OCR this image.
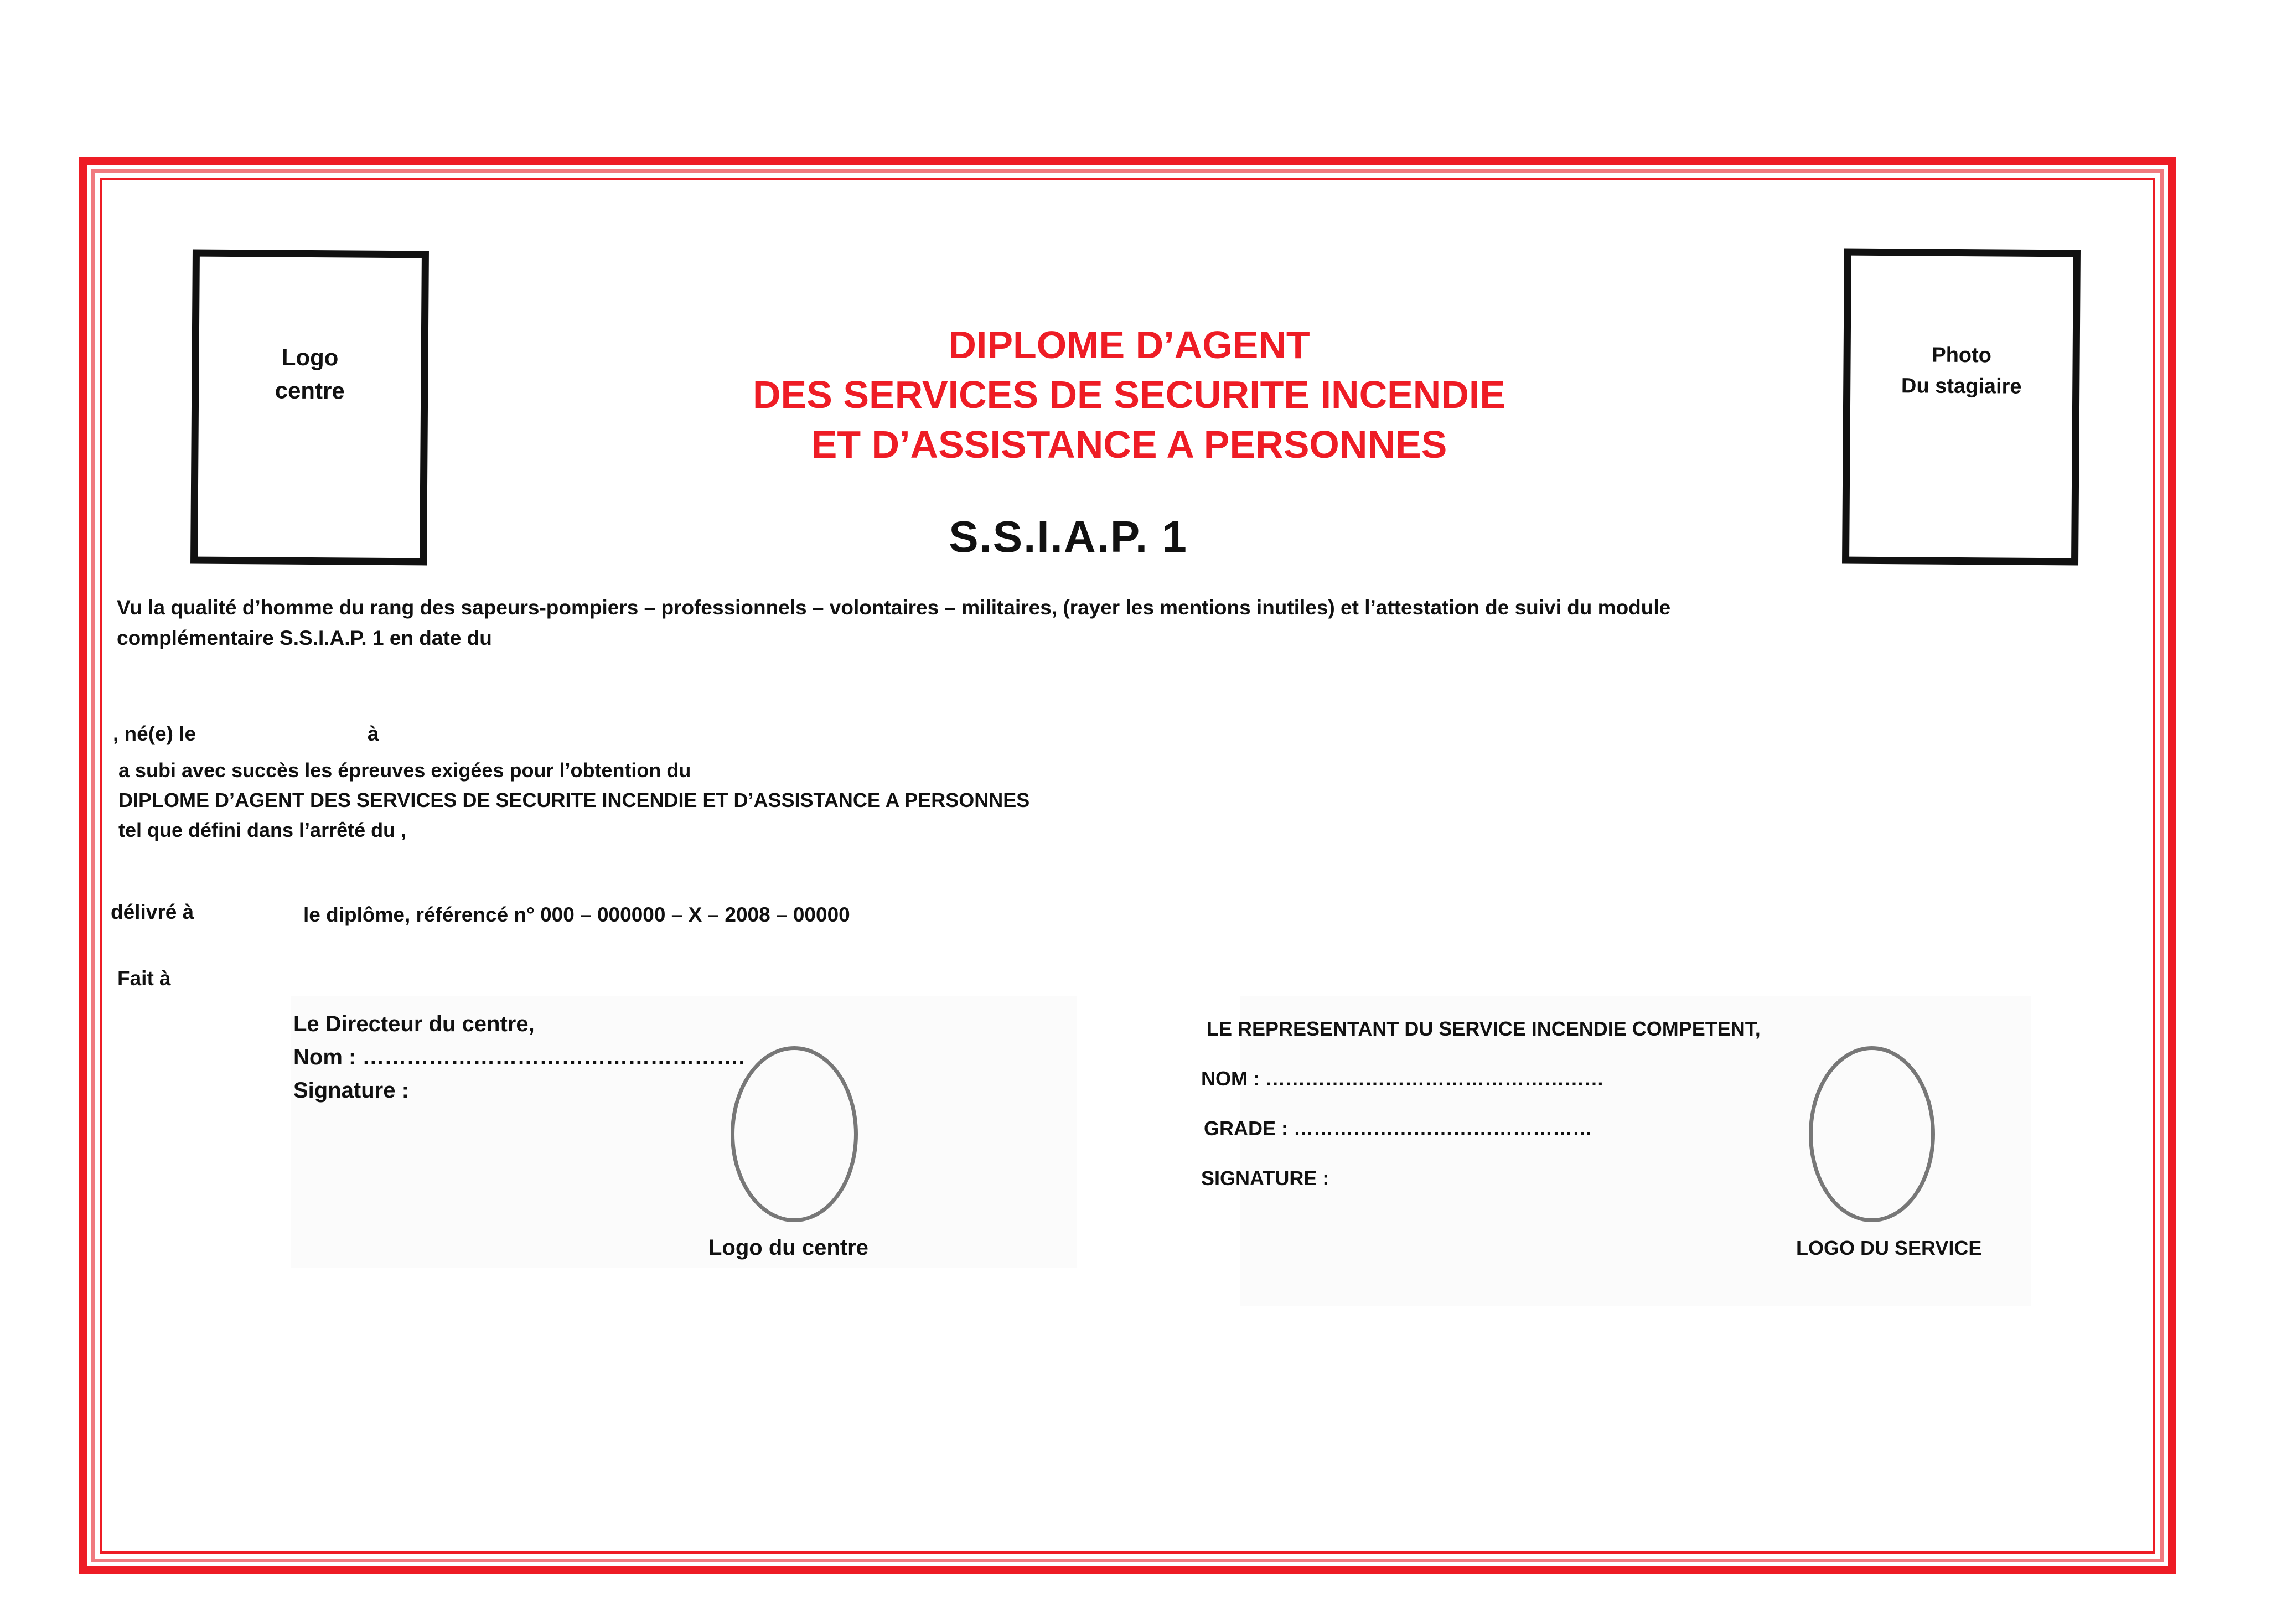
Logo
centre
Photo
Du stagiaire
DIPLOME D’AGENT
DES SERVICES DE SECURITE INCENDIE
ET D’ASSISTANCE A PERSONNES
S.S.I.A.P. 1
Vu la qualité d’homme du rang des sapeurs-pompiers – professionnels – volontaires – militaires, (rayer les mentions inutiles) et l’attestation de suivi du module
complémentaire S.S.I.A.P. 1 en date du
, né(e) le	à
a subi avec succès les épreuves exigées pour l’obtention du
DIPLOME D’AGENT DES SERVICES DE SECURITE INCENDIE ET D’ASSISTANCE A PERSONNES
tel que défini dans l’arrêté du ,
délivré à	le diplôme, référencé n° 000 – 000000 – X – 2008 – 00000
Fait à
Le Directeur du centre,
Nom : …………………………………………….
Signature :
Logo du centre
LE REPRESENTANT DU SERVICE INCENDIE COMPETENT,
NOM : ……………………………………………
GRADE : ………………………………………
SIGNATURE :
LOGO DU SERVICE
